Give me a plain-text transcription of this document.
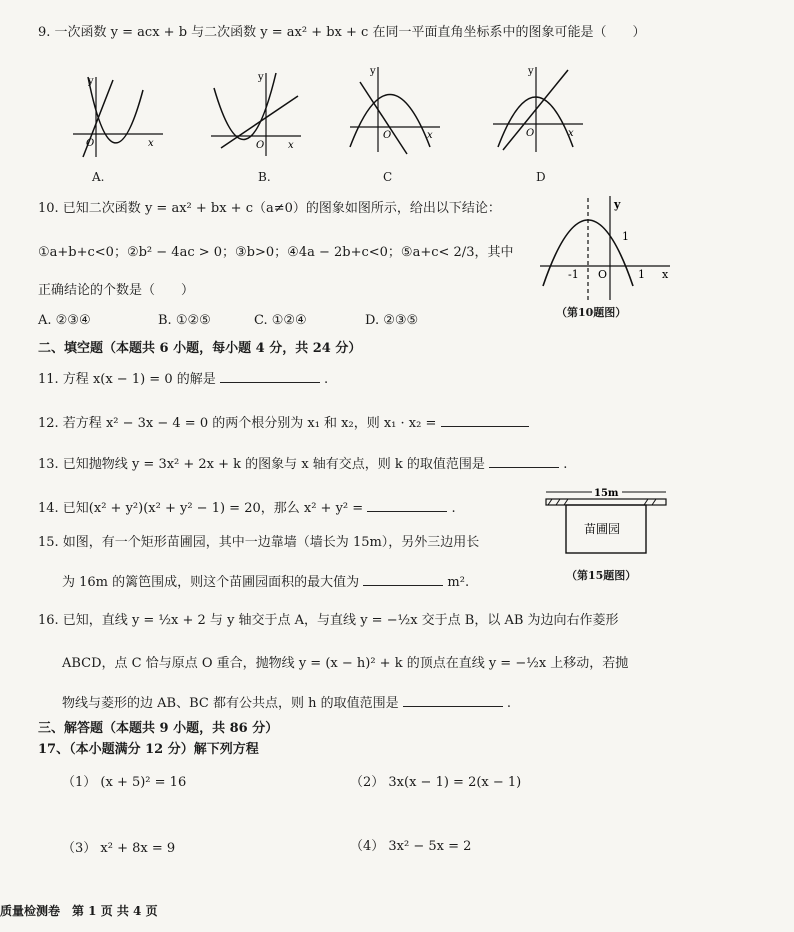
9. 一次函数 y = acx + b 与二次函数 y = ax² + bx + c 在同一平面直角坐标系中的图象可能是（　　）
y
x
O
A.
y
x
O
B.
y
x
O
C
y
x
O
D
10. 已知二次函数 y = ax² + bx + c（a≠0）的图象如图所示，给出以下结论：
①a+b+c<0；②b² − 4ac > 0；③b>0；④4a − 2b+c<0；⑤a+c< 2/3，其中
正确结论的个数是（　　）
A. ②③④	B. ①②⑤	C. ①②④	D. ②③⑤
y
x
O
1
-1	1
（第10题图）
二、填空题（本题共 6 小题，每小题 4 分，共 24 分）
11. 方程 x(x − 1) = 0 的解是	.
12. 若方程 x² − 3x − 4 = 0 的两个根分别为 x₁ 和 x₂，则 x₁ · x₂ =
13. 已知抛物线 y = 3x² + 2x + k 的图象与 x 轴有交点，则 k 的取值范围是	.
14. 已知(x² + y²)(x² + y² − 1) = 20，那么 x² + y² =	.
15. 如图，有一个矩形苗圃园，其中一边靠墙（墙长为 15m），另外三边用长
为 16m 的篱笆围成，则这个苗圃园面积的最大值为	m².
15m
苗圃园
（第15题图）
16. 已知，直线 y = ½x + 2 与 y 轴交于点 A，与直线 y = −½x 交于点 B，以 AB 为边向右作菱形
ABCD，点 C 恰与原点 O 重合，抛物线 y = (x − h)² + k 的顶点在直线 y = −½x 上移动，若抛
物线与菱形的边 AB、BC 都有公共点，则 h 的取值范围是	.
三、解答题（本题共 9 小题，共 86 分）
17、（本小题满分 12 分）解下列方程
（1） (x + 5)² = 16	（2） 3x(x − 1) = 2(x − 1)
（3） x² + 8x = 9	（4） 3x² − 5x = 2
质量检测卷　第 1 页 共 4 页
